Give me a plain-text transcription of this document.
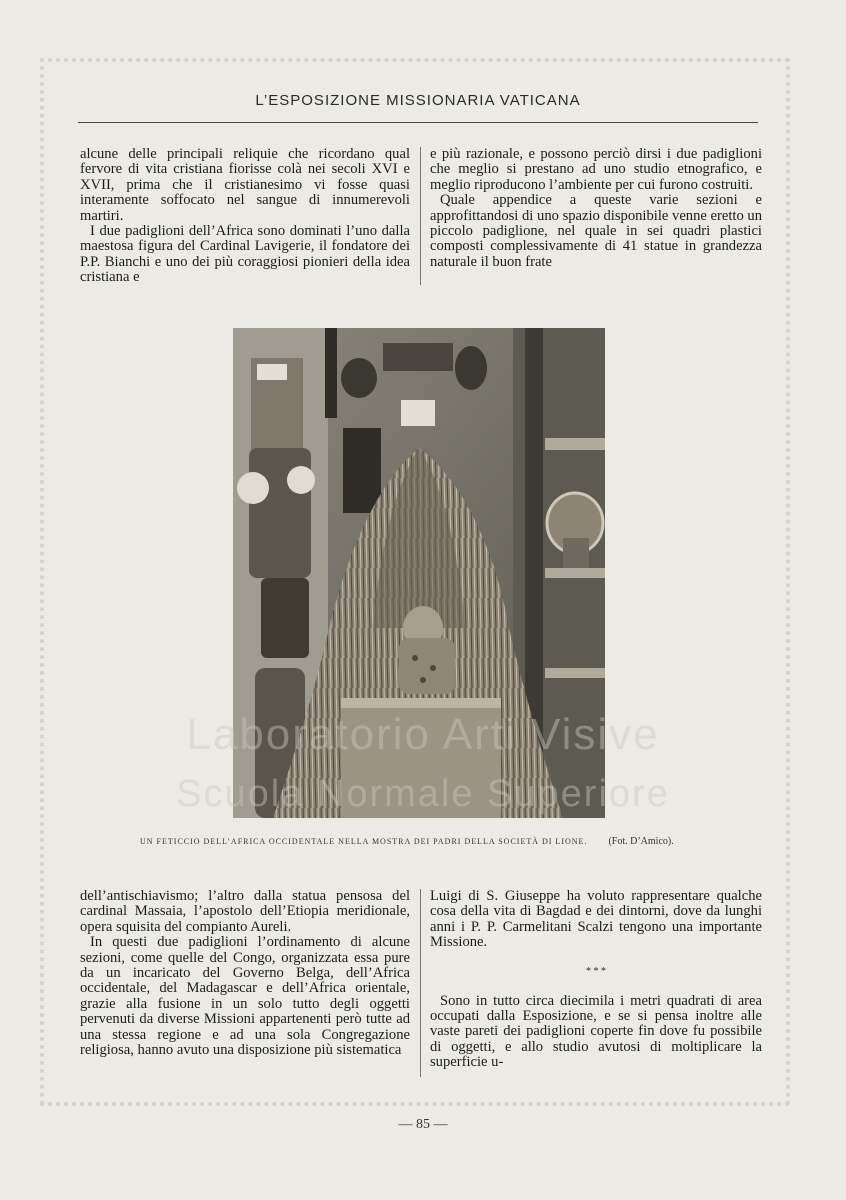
L’ESPOSIZIONE MISSIONARIA VATICANA

alcune delle principali reliquie che ricordano qual fervore di vita cristiana fiorisse colà nei secoli XVI e XVII, prima che il cristianesimo vi fosse quasi interamente soffocato nel sangue di innumerevoli martiri.

I due padiglioni dell’Africa sono dominati l’uno dalla maestosa figura del Cardinal Lavigerie, il fondatore dei P.P. Bianchi e uno dei più coraggiosi pionieri della idea cristiana e

e più razionale, e possono perciò dirsi i due padiglioni che meglio si prestano ad uno studio etnografico, e meglio riproducono l’ambiente per cui furono costruiti.

Quale appendice a queste varie sezioni e approfittandosi di uno spazio disponibile venne eretto un piccolo padiglione, nel quale in sei quadri plastici composti complessivamente di 41 statue in grandezza naturale il buon frate

UN FETICCIO DELL’AFRICA OCCIDENTALE NELLA MOSTRA DEI PADRI DELLA SOCIETÀ DI LIONE. (Fot. D’Amico).
Laboratorio Arti Visive
Scuola Normale Superiore

dell’antischiavismo; l’altro dalla statua pensosa del cardinal Massaia, l’apostolo dell’Etiopia meridionale, opera squisita del compianto Aureli.

In questi due padiglioni l’ordinamento di alcune sezioni, come quelle del Congo, organizzata essa pure da un incaricato del Governo Belga, dell’Africa occidentale, del Madagascar e dell’Africa orientale, grazie alla fusione in un solo tutto degli oggetti pervenuti da diverse Missioni appartenenti però tutte ad una stessa regione e ad una sola Congregazione religiosa, hanno avuto una disposizione più sistematica

Luigi di S. Giuseppe ha voluto rappresentare qualche cosa della vita di Bagdad e dei dintorni, dove da lunghi anni i P. P. Carmelitani Scalzi tengono una importante Missione.

* * *

Sono in tutto circa diecimila i metri quadrati di area occupati dalla Esposizione, e se si pensa inoltre alle vaste pareti dei padiglioni coperte fin dove fu possibile di oggetti, e allo studio avutosi di moltiplicare la superficie u-

— 85 —
